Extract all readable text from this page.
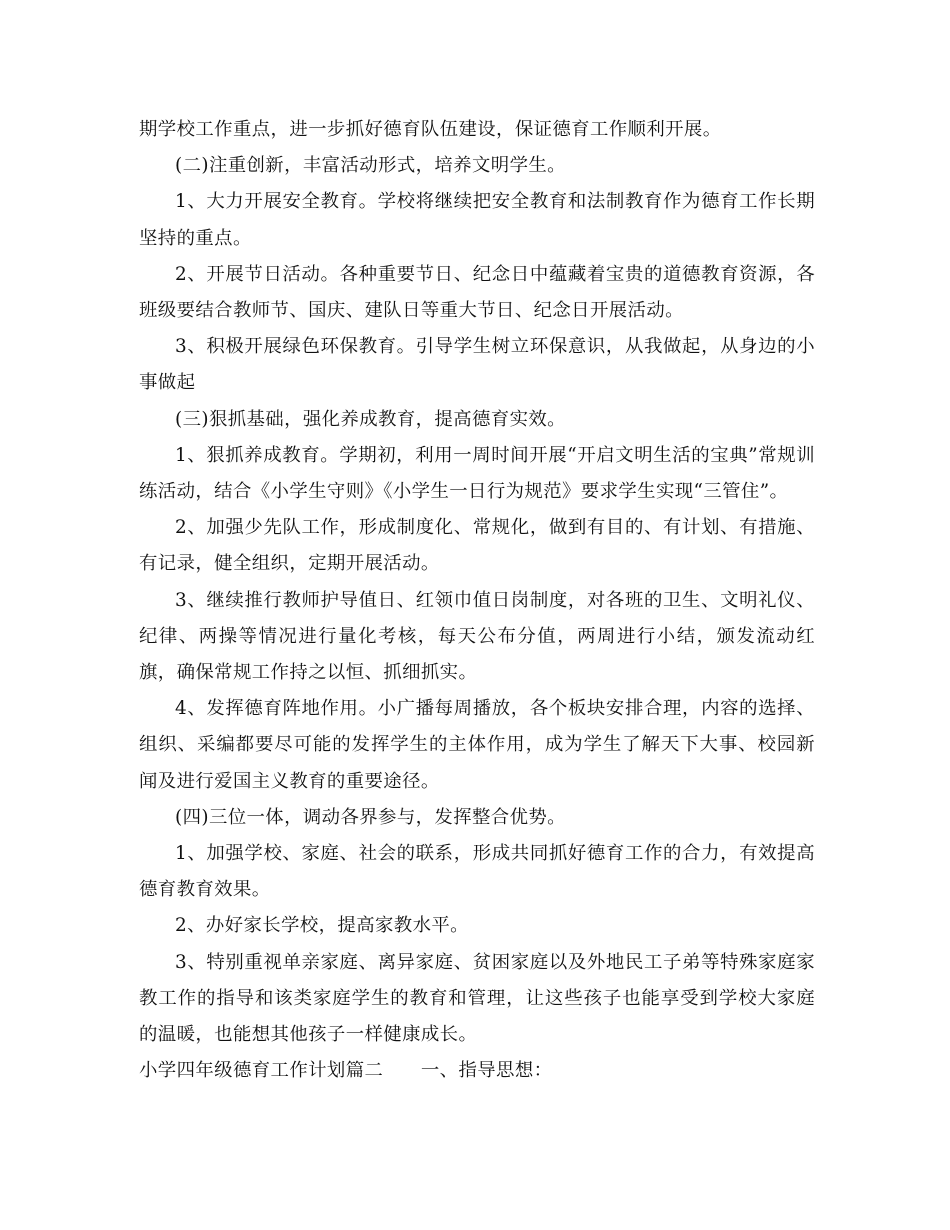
期学校工作重点，进一步抓好德育队伍建设，保证德育工作顺利开展。

(二)注重创新，丰富活动形式，培养文明学生。

1、大力开展安全教育。学校将继续把安全教育和法制教育作为德育工作长期坚持的重点。

2、开展节日活动。各种重要节日、纪念日中蕴藏着宝贵的道德教育资源，各班级要结合教师节、国庆、建队日等重大节日、纪念日开展活动。

3、积极开展绿色环保教育。引导学生树立环保意识，从我做起，从身边的小事做起

(三)狠抓基础，强化养成教育，提高德育实效。

1、狠抓养成教育。学期初，利用一周时间开展“开启文明生活的宝典”常规训练活动，结合《小学生守则》《小学生一日行为规范》要求学生实现“三管住”。

2、加强少先队工作，形成制度化、常规化，做到有目的、有计划、有措施、有记录，健全组织，定期开展活动。

3、继续推行教师护导值日、红领巾值日岗制度，对各班的卫生、文明礼仪、纪律、两操等情况进行量化考核，每天公布分值，两周进行小结，颁发流动红旗，确保常规工作持之以恒、抓细抓实。

4、发挥德育阵地作用。小广播每周播放，各个板块安排合理，内容的选择、组织、采编都要尽可能的发挥学生的主体作用，成为学生了解天下大事、校园新闻及进行爱国主义教育的重要途径。

(四)三位一体，调动各界参与，发挥整合优势。

1、加强学校、家庭、社会的联系，形成共同抓好德育工作的合力，有效提高德育教育效果。

2、办好家长学校，提高家教水平。

3、特别重视单亲家庭、离异家庭、贫困家庭以及外地民工子弟等特殊家庭家教工作的指导和该类家庭学生的教育和管理，让这些孩子也能享受到学校大家庭的温暖，也能想其他孩子一样健康成长。

小学四年级德育工作计划篇二　　一、指导思想：
